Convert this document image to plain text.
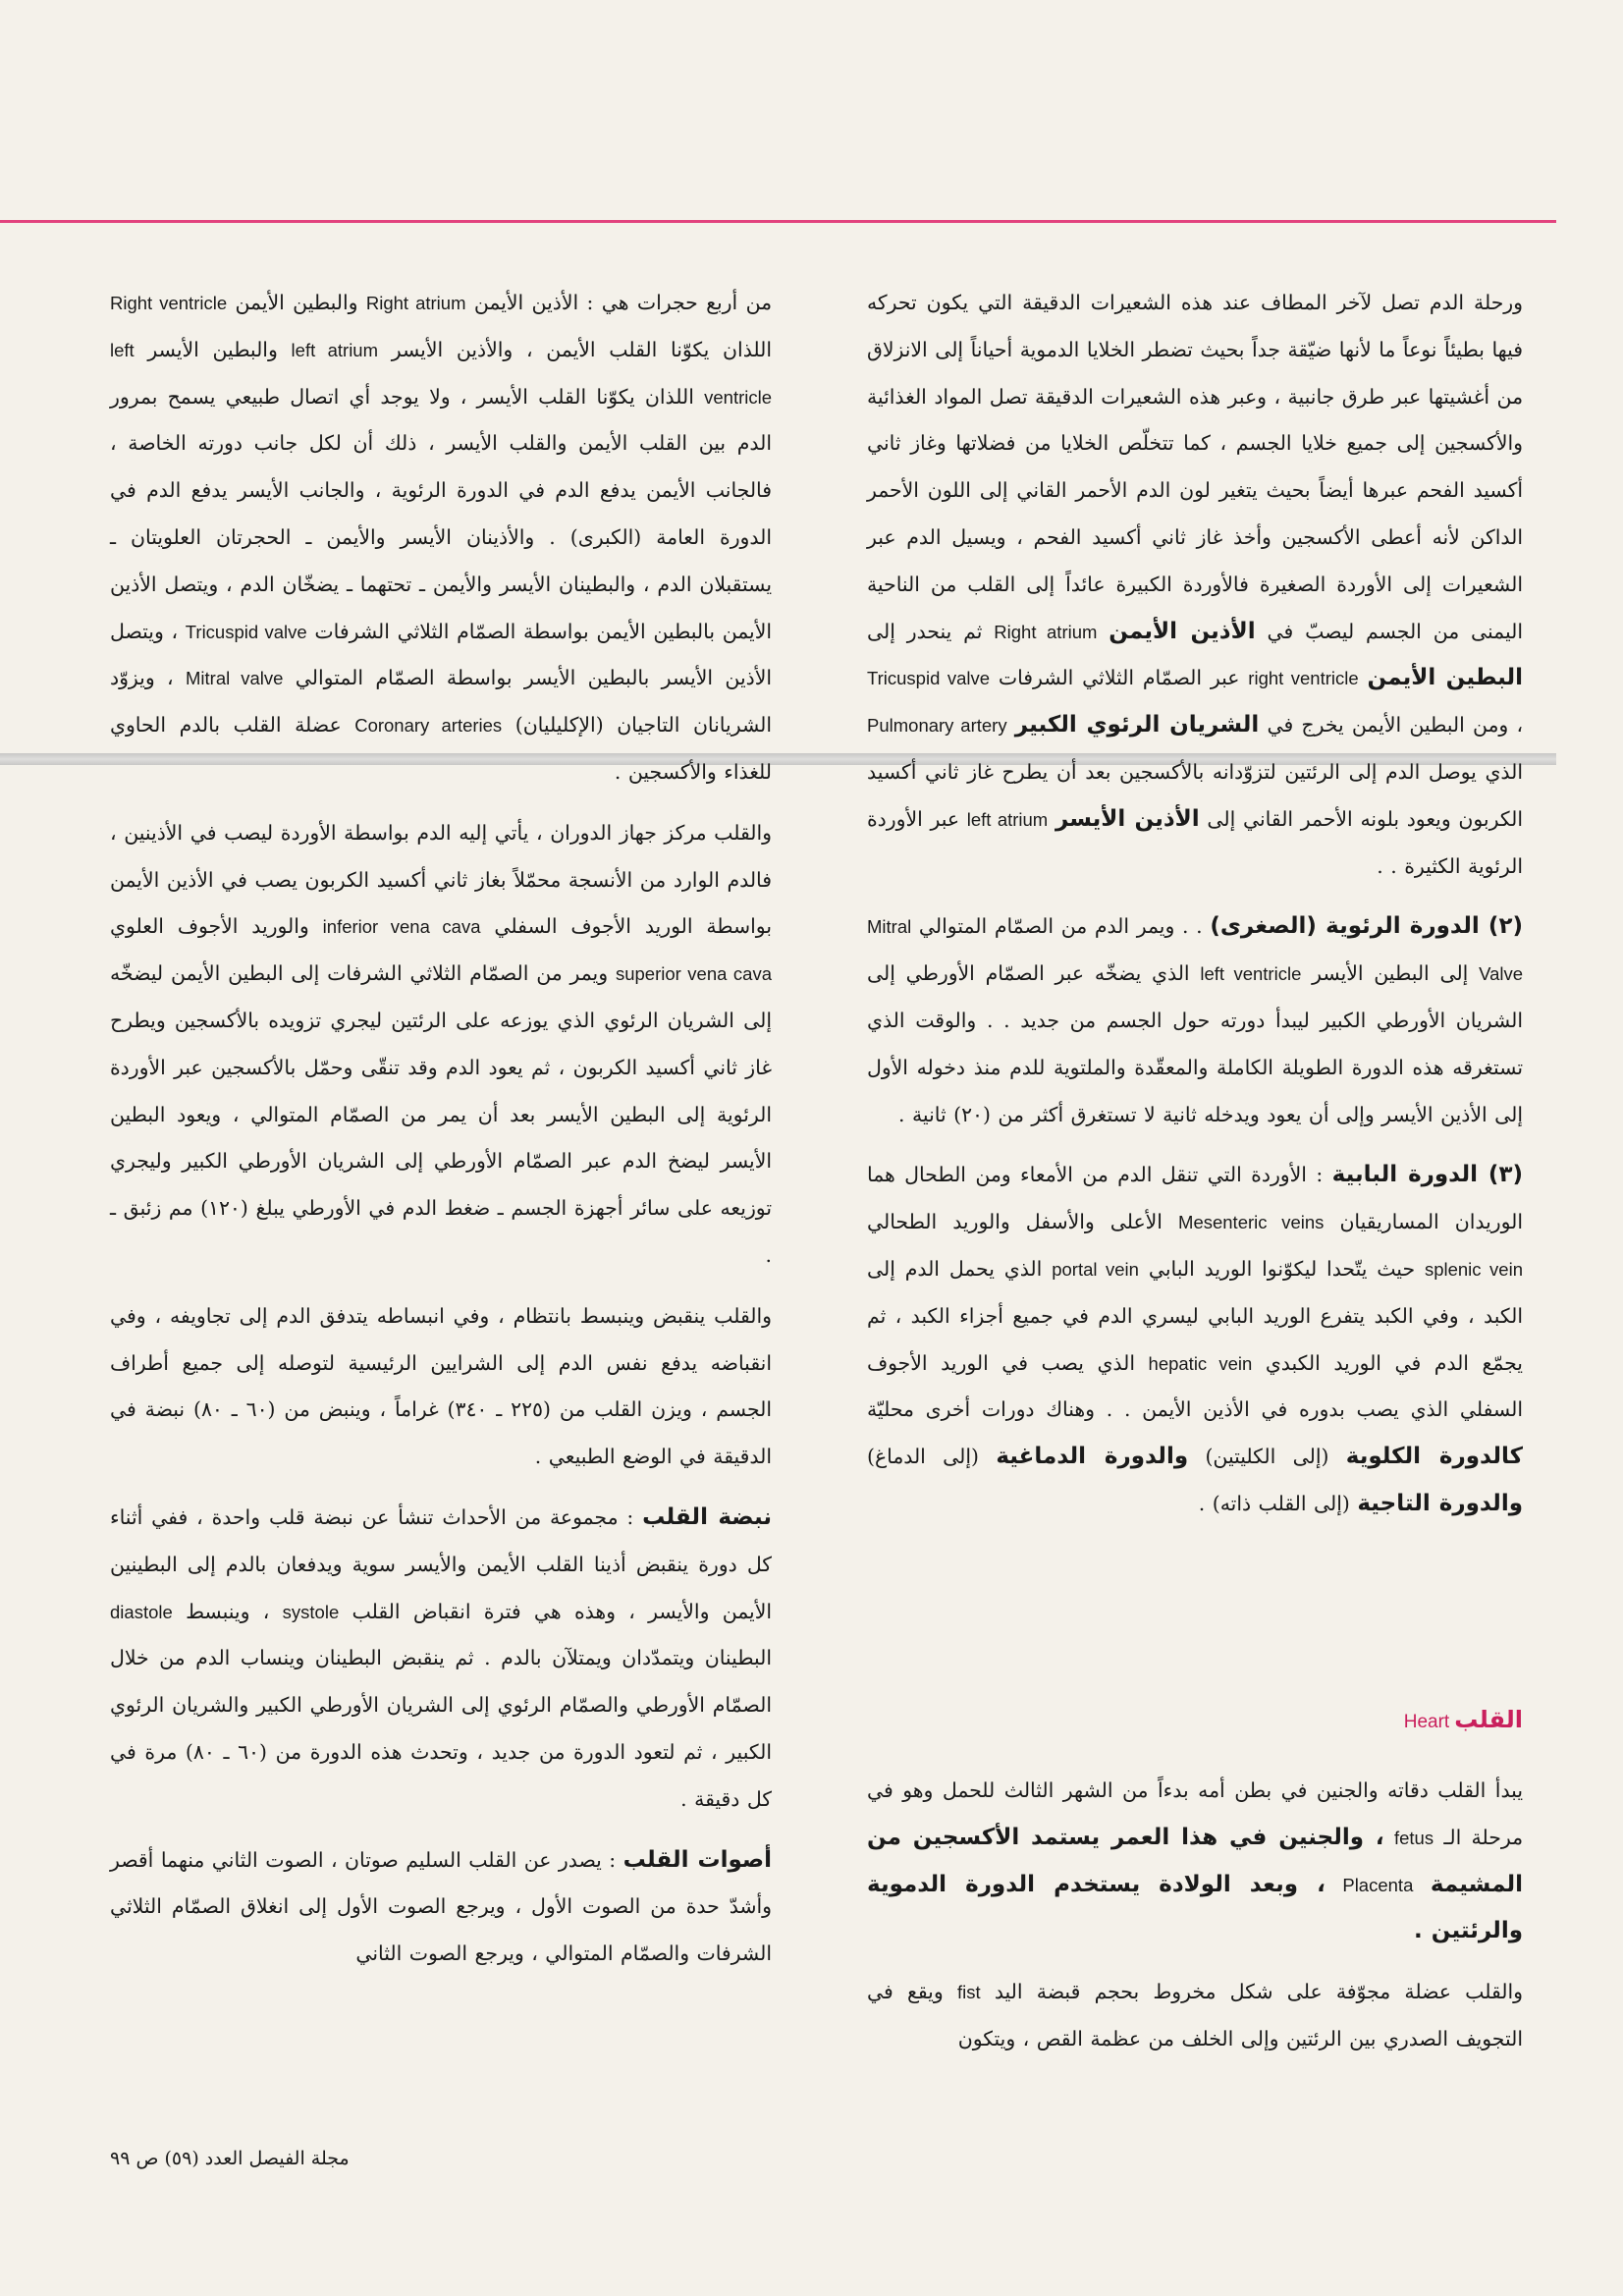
ورحلة الدم تصل لآخر المطاف عند هذه الشعيرات الدقيقة التي يكون تحركه فيها بطيئاً نوعاً ما لأنها ضيّقة جداً بحيث تضطر الخلايا الدموية أحياناً إلى الانزلاق من أغشيتها عبر طرق جانبية ، وعبر هذه الشعيرات الدقيقة تصل المواد الغذائية والأكسجين إلى جميع خلايا الجسم ، كما تتخلّص الخلايا من فضلاتها وغاز ثاني أكسيد الفحم عبرها أيضاً بحيث يتغير لون الدم الأحمر القاني إلى اللون الأحمر الداكن لأنه أعطى الأكسجين وأخذ غاز ثاني أكسيد الفحم ، ويسيل الدم عبر الشعيرات إلى الأوردة الصغيرة فالأوردة الكبيرة عائداً إلى القلب من الناحية اليمنى من الجسم ليصبّ في الأذين الأيمن Right atrium ثم ينحدر إلى البطين الأيمن right ventricle عبر الصمّام الثلاثي الشرفات Tricuspid valve ، ومن البطين الأيمن يخرج في الشريان الرئوي الكبير Pulmonary artery الذي يوصل الدم إلى الرئتين لتزوّدانه بالأكسجين بعد أن يطرح غاز ثاني أكسيد الكربون ويعود بلونه الأحمر القاني إلى الأذين الأيسر left atrium عبر الأوردة الرئوية الكثيرة . .

(٢) الدورة الرئوية (الصغرى) . . ويمر الدم من الصمّام المتوالي Mitral Valve إلى البطين الأيسر left ventricle الذي يضخّه عبر الصمّام الأورطي إلى الشريان الأورطي الكبير ليبدأ دورته حول الجسم من جديد . . والوقت الذي تستغرقه هذه الدورة الطويلة الكاملة والمعقّدة والملتوية للدم منذ دخوله الأول إلى الأذين الأيسر وإلى أن يعود ويدخله ثانية لا تستغرق أكثر من (٢٠) ثانية .

(٣) الدورة البابية : الأوردة التي تنقل الدم من الأمعاء ومن الطحال هما الوريدان المساريقيان Mesenteric veins الأعلى والأسفل والوريد الطحالي splenic vein حيث يتّحدا ليكوّنوا الوريد البابي portal vein الذي يحمل الدم إلى الكبد ، وفي الكبد يتفرع الوريد البابي ليسري الدم في جميع أجزاء الكبد ، ثم يجمّع الدم في الوريد الكبدي hepatic vein الذي يصب في الوريد الأجوف السفلي الذي يصب بدوره في الأذين الأيمن . . وهناك دورات أخرى محليّة كالدورة الكلوية (إلى الكليتين) والدورة الدماغية (إلى الدماغ) والدورة التاجية (إلى القلب ذاته) .

القلب Heart

يبدأ القلب دقاته والجنين في بطن أمه بدءاً من الشهر الثالث للحمل وهو في مرحلة الـ fetus ، والجنين في هذا العمر يستمد الأكسجين من المشيمة Placenta ، وبعد الولادة يستخدم الدورة الدموية والرئتين .

والقلب عضلة مجوّفة على شكل مخروط بحجم قبضة اليد fist ويقع في التجويف الصدري بين الرئتين وإلى الخلف من عظمة القص ، ويتكون

من أربع حجرات هي : الأذين الأيمن Right atrium والبطين الأيمن Right ventricle اللذان يكوّنا القلب الأيمن ، والأذين الأيسر left atrium والبطين الأيسر left ventricle اللذان يكوّنا القلب الأيسر ، ولا يوجد أي اتصال طبيعي يسمح بمرور الدم بين القلب الأيمن والقلب الأيسر ، ذلك أن لكل جانب دورته الخاصة ، فالجانب الأيمن يدفع الدم في الدورة الرئوية ، والجانب الأيسر يدفع الدم في الدورة العامة (الكبرى) . والأذينان الأيسر والأيمن ـ الحجرتان العلويتان ـ يستقبلان الدم ، والبطينان الأيسر والأيمن ـ تحتهما ـ يضخّان الدم ، ويتصل الأذين الأيمن بالبطين الأيمن بواسطة الصمّام الثلاثي الشرفات Tricuspid valve ، ويتصل الأذين الأيسر بالبطين الأيسر بواسطة الصمّام المتوالي Mitral valve ، ويزوّد الشريانان التاجيان (الإكليليان) Coronary arteries عضلة القلب بالدم الحاوي للغذاء والأكسجين .

والقلب مركز جهاز الدوران ، يأتي إليه الدم بواسطة الأوردة ليصب في الأذينين ، فالدم الوارد من الأنسجة محمّلاً بغاز ثاني أكسيد الكربون يصب في الأذين الأيمن بواسطة الوريد الأجوف السفلي inferior vena cava والوريد الأجوف العلوي superior vena cava ويمر من الصمّام الثلاثي الشرفات إلى البطين الأيمن ليضخّه إلى الشريان الرئوي الذي يوزعه على الرئتين ليجري تزويده بالأكسجين ويطرح غاز ثاني أكسيد الكربون ، ثم يعود الدم وقد تنقّى وحمّل بالأكسجين عبر الأوردة الرئوية إلى البطين الأيسر بعد أن يمر من الصمّام المتوالي ، ويعود البطين الأيسر ليضخ الدم عبر الصمّام الأورطي إلى الشريان الأورطي الكبير وليجري توزيعه على سائر أجهزة الجسم ـ ضغط الدم في الأورطي يبلغ (١٢٠) مم زئبق ـ .

والقلب ينقبض وينبسط بانتظام ، وفي انبساطه يتدفق الدم إلى تجاويفه ، وفي انقباضه يدفع نفس الدم إلى الشرايين الرئيسية لتوصله إلى جميع أطراف الجسم ، ويزن القلب من (٢٢٥ ـ ٣٤٠) غراماً ، وينبض من (٦٠ ـ ٨٠) نبضة في الدقيقة في الوضع الطبيعي .

نبضة القلب : مجموعة من الأحداث تنشأ عن نبضة قلب واحدة ، ففي أثناء كل دورة ينقبض أذينا القلب الأيمن والأيسر سوية ويدفعان بالدم إلى البطينين الأيمن والأيسر ، وهذه هي فترة انقباض القلب systole ، وينبسط diastole البطينان ويتمدّدان ويمتلآن بالدم . ثم ينقبض البطينان وينساب الدم من خلال الصمّام الأورطي والصمّام الرئوي إلى الشريان الأورطي الكبير والشريان الرئوي الكبير ، ثم لتعود الدورة من جديد ، وتحدث هذه الدورة من (٦٠ ـ ٨٠) مرة في كل دقيقة .

أصوات القلب : يصدر عن القلب السليم صوتان ، الصوت الثاني منهما أقصر وأشدّ حدة من الصوت الأول ، ويرجع الصوت الأول إلى انغلاق الصمّام الثلاثي الشرفات والصمّام المتوالي ، ويرجع الصوت الثاني

مجلة الفيصل العدد (٥٩) ص ٩٩
